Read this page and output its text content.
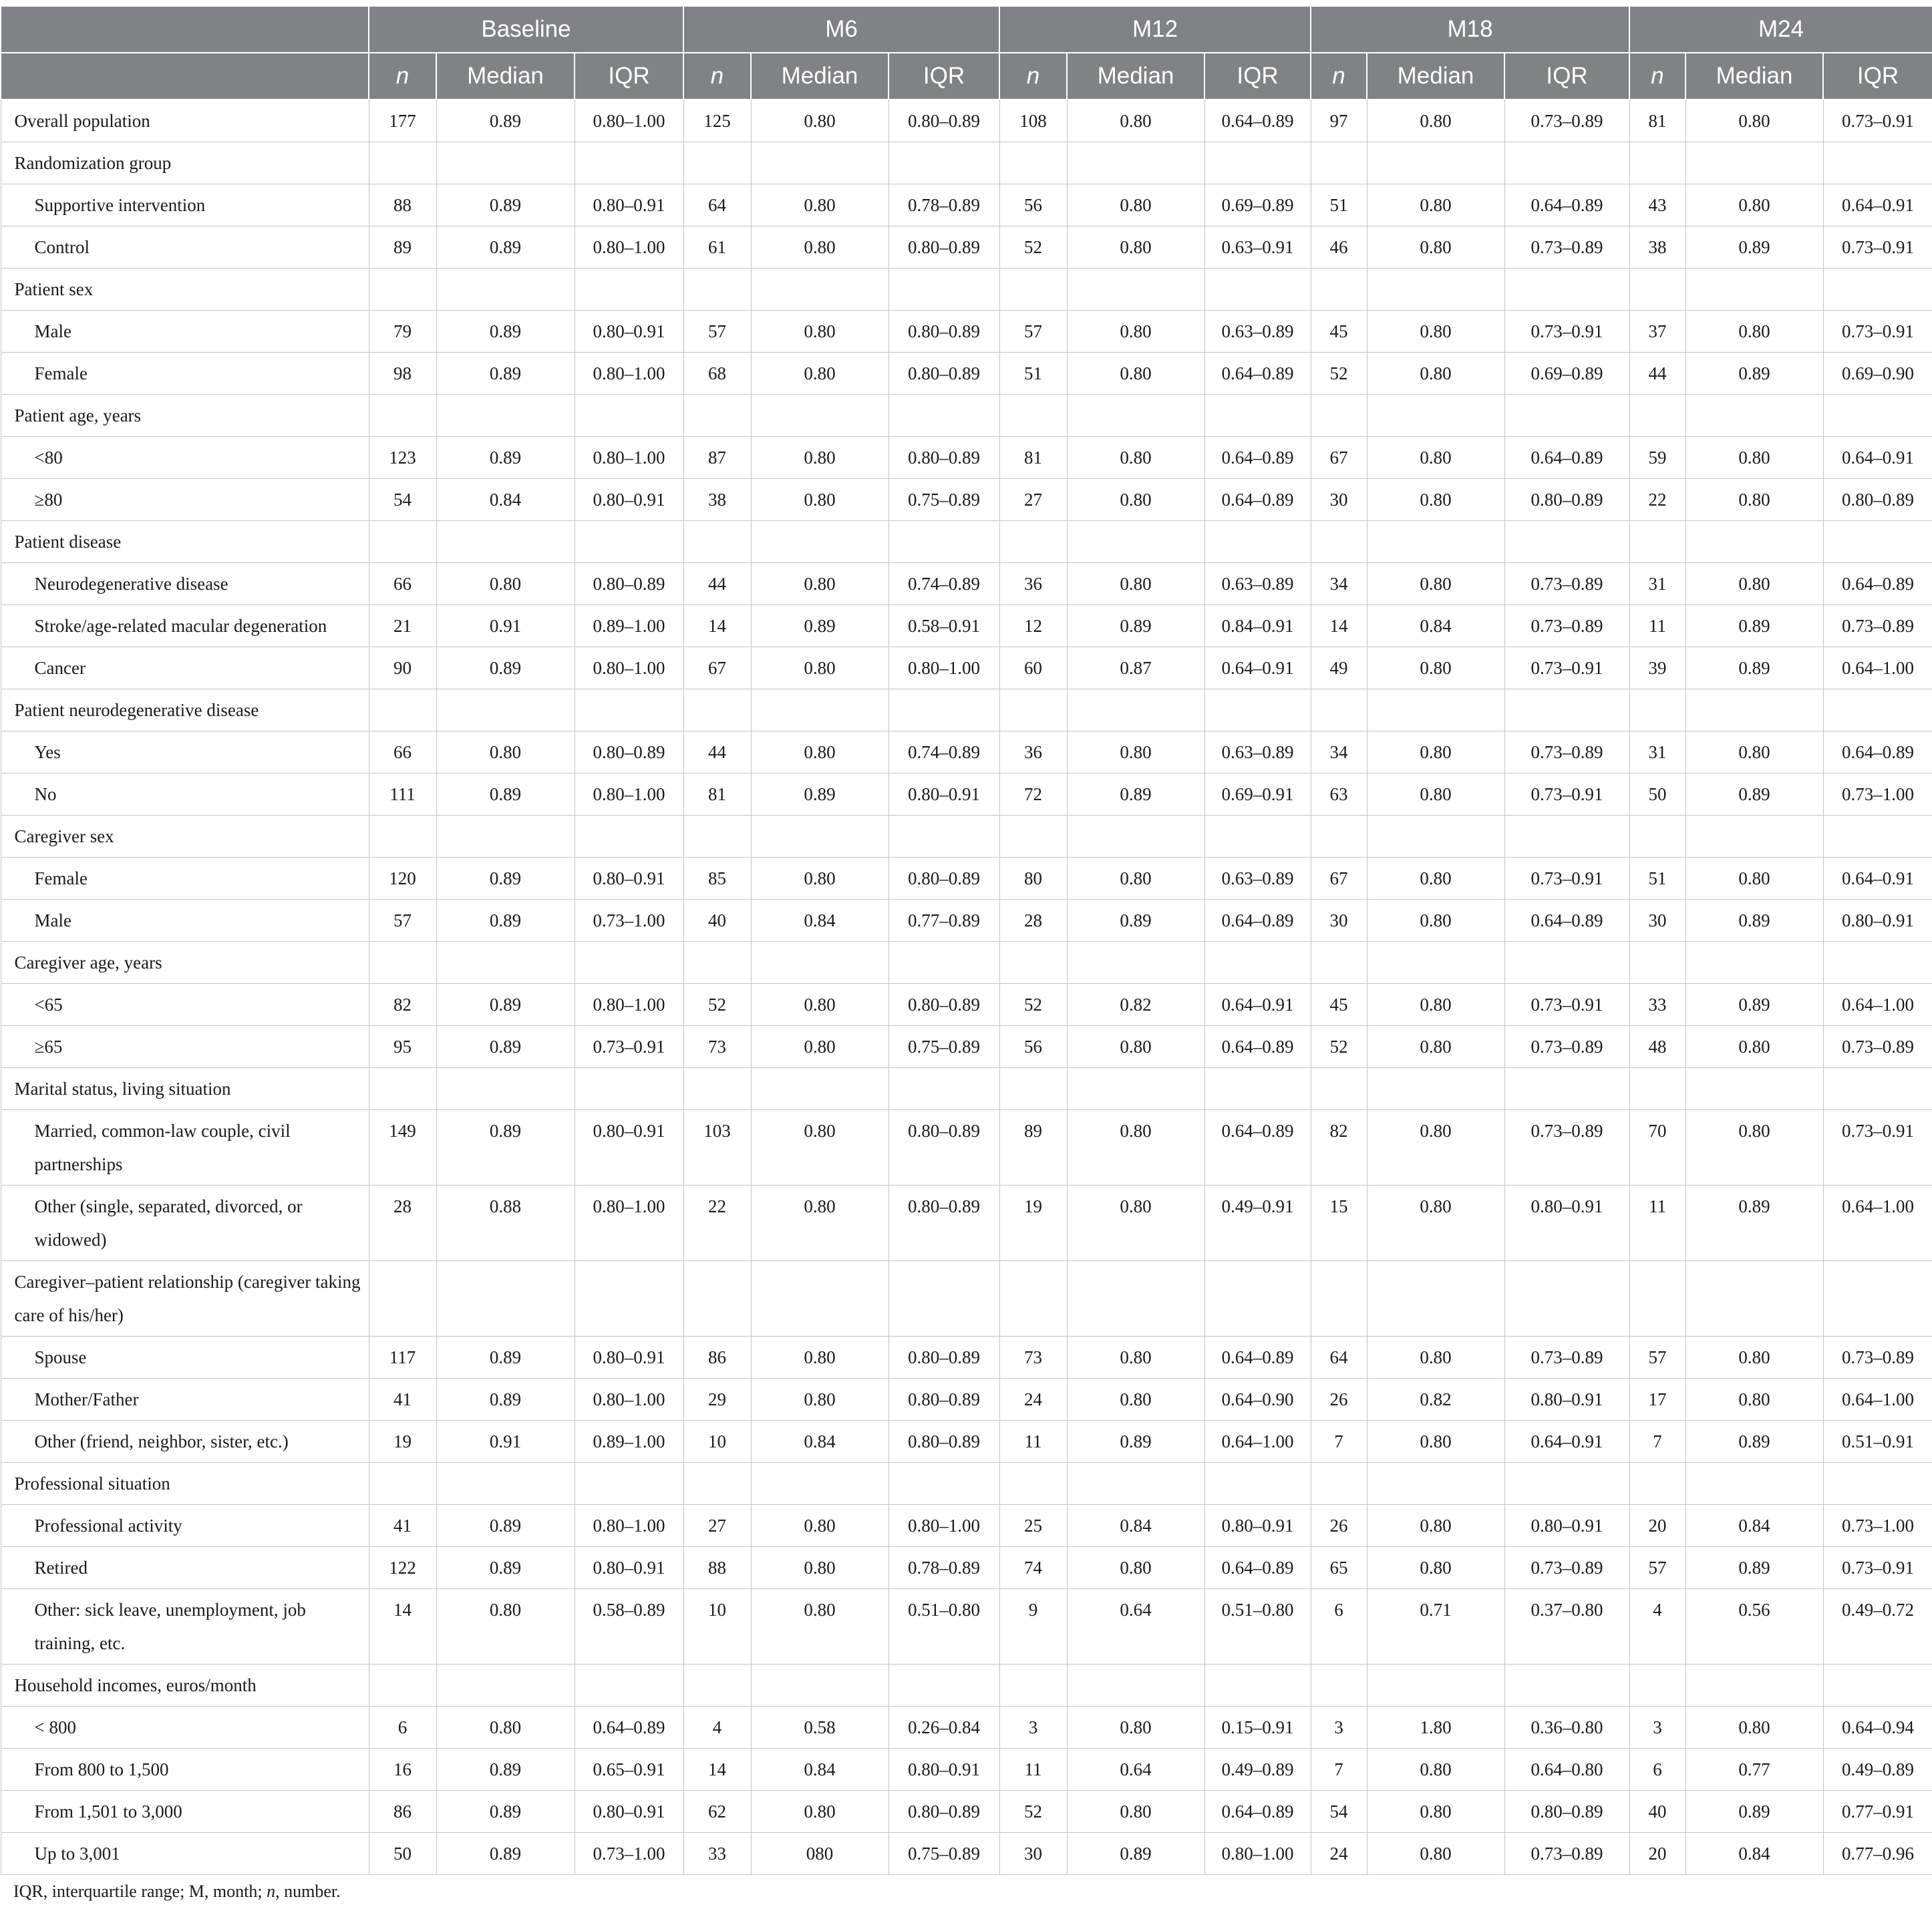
	Baseline			M6			M12			M18			M24		
	n	Median	IQR	n	Median	IQR	n	Median	IQR	n	Median	IQR	n	Median	IQR
Overall population	177	0.89	0.80–1.00	125	0.80	0.80–0.89	108	0.80	0.64–0.89	97	0.80	0.73–0.89	81	0.80	0.73–0.91
Randomization group															
Supportive intervention	88	0.89	0.80–0.91	64	0.80	0.78–0.89	56	0.80	0.69–0.89	51	0.80	0.64–0.89	43	0.80	0.64–0.91
Control	89	0.89	0.80–1.00	61	0.80	0.80–0.89	52	0.80	0.63–0.91	46	0.80	0.73–0.89	38	0.89	0.73–0.91
Patient sex															
Male	79	0.89	0.80–0.91	57	0.80	0.80–0.89	57	0.80	0.63–0.89	45	0.80	0.73–0.91	37	0.80	0.73–0.91
Female	98	0.89	0.80–1.00	68	0.80	0.80–0.89	51	0.80	0.64–0.89	52	0.80	0.69–0.89	44	0.89	0.69–0.90
Patient age, years															
<80	123	0.89	0.80–1.00	87	0.80	0.80–0.89	81	0.80	0.64–0.89	67	0.80	0.64–0.89	59	0.80	0.64–0.91
≥80	54	0.84	0.80–0.91	38	0.80	0.75–0.89	27	0.80	0.64–0.89	30	0.80	0.80–0.89	22	0.80	0.80–0.89
Patient disease															
Neurodegenerative disease	66	0.80	0.80–0.89	44	0.80	0.74–0.89	36	0.80	0.63–0.89	34	0.80	0.73–0.89	31	0.80	0.64–0.89
Stroke/age-related macular degeneration	21	0.91	0.89–1.00	14	0.89	0.58–0.91	12	0.89	0.84–0.91	14	0.84	0.73–0.89	11	0.89	0.73–0.89
Cancer	90	0.89	0.80–1.00	67	0.80	0.80–1.00	60	0.87	0.64–0.91	49	0.80	0.73–0.91	39	0.89	0.64–1.00
Patient neurodegenerative disease															
Yes	66	0.80	0.80–0.89	44	0.80	0.74–0.89	36	0.80	0.63–0.89	34	0.80	0.73–0.89	31	0.80	0.64–0.89
No	111	0.89	0.80–1.00	81	0.89	0.80–0.91	72	0.89	0.69–0.91	63	0.80	0.73–0.91	50	0.89	0.73–1.00
Caregiver sex															
Female	120	0.89	0.80–0.91	85	0.80	0.80–0.89	80	0.80	0.63–0.89	67	0.80	0.73–0.91	51	0.80	0.64–0.91
Male	57	0.89	0.73–1.00	40	0.84	0.77–0.89	28	0.89	0.64–0.89	30	0.80	0.64–0.89	30	0.89	0.80–0.91
Caregiver age, years															
<65	82	0.89	0.80–1.00	52	0.80	0.80–0.89	52	0.82	0.64–0.91	45	0.80	0.73–0.91	33	0.89	0.64–1.00
≥65	95	0.89	0.73–0.91	73	0.80	0.75–0.89	56	0.80	0.64–0.89	52	0.80	0.73–0.89	48	0.80	0.73–0.89
Marital status, living situation															
Married, common-law couple, civil partnerships	149	0.89	0.80–0.91	103	0.80	0.80–0.89	89	0.80	0.64–0.89	82	0.80	0.73–0.89	70	0.80	0.73–0.91
Other (single, separated, divorced, or widowed)	28	0.88	0.80–1.00	22	0.80	0.80–0.89	19	0.80	0.49–0.91	15	0.80	0.80–0.91	11	0.89	0.64–1.00
Caregiver–patient relationship (caregiver taking care of his/her)															
Spouse	117	0.89	0.80–0.91	86	0.80	0.80–0.89	73	0.80	0.64–0.89	64	0.80	0.73–0.89	57	0.80	0.73–0.89
Mother/Father	41	0.89	0.80–1.00	29	0.80	0.80–0.89	24	0.80	0.64–0.90	26	0.82	0.80–0.91	17	0.80	0.64–1.00
Other (friend, neighbor, sister, etc.)	19	0.91	0.89–1.00	10	0.84	0.80–0.89	11	0.89	0.64–1.00	7	0.80	0.64–0.91	7	0.89	0.51–0.91
Professional situation															
Professional activity	41	0.89	0.80–1.00	27	0.80	0.80–1.00	25	0.84	0.80–0.91	26	0.80	0.80–0.91	20	0.84	0.73–1.00
Retired	122	0.89	0.80–0.91	88	0.80	0.78–0.89	74	0.80	0.64–0.89	65	0.80	0.73–0.89	57	0.89	0.73–0.91
Other: sick leave, unemployment, job training, etc.	14	0.80	0.58–0.89	10	0.80	0.51–0.80	9	0.64	0.51–0.80	6	0.71	0.37–0.80	4	0.56	0.49–0.72
Household incomes, euros/month															
< 800	6	0.80	0.64–0.89	4	0.58	0.26–0.84	3	0.80	0.15–0.91	3	1.80	0.36–0.80	3	0.80	0.64–0.94
From 800 to 1,500	16	0.89	0.65–0.91	14	0.84	0.80–0.91	11	0.64	0.49–0.89	7	0.80	0.64–0.80	6	0.77	0.49–0.89
From 1,501 to 3,000	86	0.89	0.80–0.91	62	0.80	0.80–0.89	52	0.80	0.64–0.89	54	0.80	0.80–0.89	40	0.89	0.77–0.91
Up to 3,001	50	0.89	0.73–1.00	33	080	0.75–0.89	30	0.89	0.80–1.00	24	0.80	0.73–0.89	20	0.84	0.77–0.96
IQR, interquartile range; M, month; n, number.
